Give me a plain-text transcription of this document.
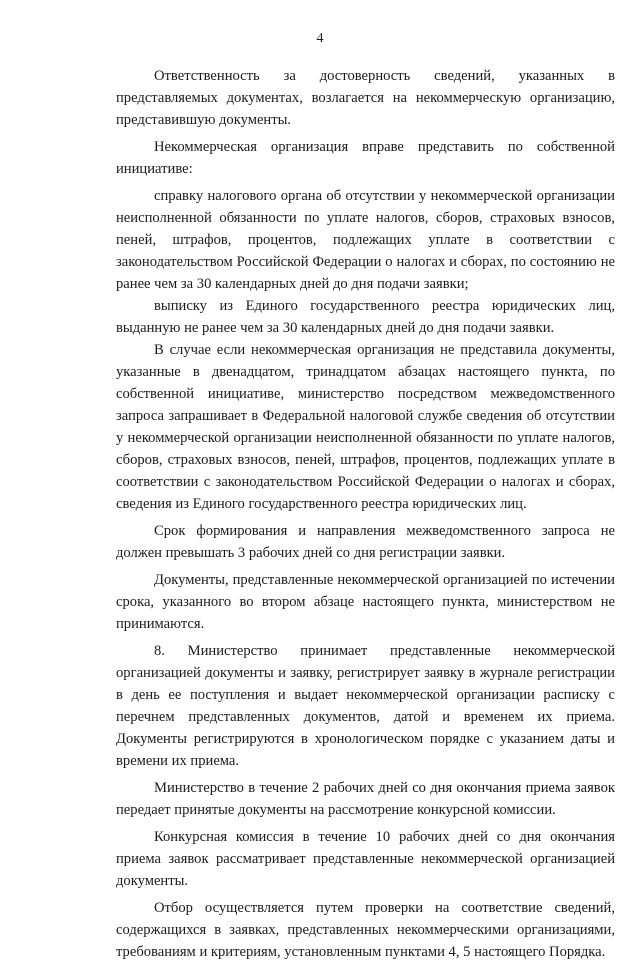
4

Ответственность за достоверность сведений, указанных в представляемых документах, возлагается на некоммерческую организацию, представившую документы.

Некоммерческая организация вправе представить по собственной инициативе:

справку налогового органа об отсутствии у некоммерческой организации неисполненной обязанности по уплате налогов, сборов, страховых взносов, пеней, штрафов, процентов, подлежащих уплате в соответствии с законодательством Российской Федерации о налогах и сборах, по состоянию не ранее чем за 30 календарных дней до дня подачи заявки;

выписку из Единого государственного реестра юридических лиц, выданную не ранее чем за 30 календарных дней до дня подачи заявки.

В случае если некоммерческая организация не представила документы, указанные в двенадцатом, тринадцатом абзацах настоящего пункта, по собственной инициативе, министерство посредством межведомственного запроса запрашивает в Федеральной налоговой службе сведения об отсутствии у некоммерческой организации неисполненной обязанности по уплате налогов, сборов, страховых взносов, пеней, штрафов, процентов, подлежащих уплате в соответствии с законодательством Российской Федерации о налогах и сборах, сведения из Единого государственного реестра юридических лиц.

Срок формирования и направления межведомственного запроса не должен превышать 3 рабочих дней со дня регистрации заявки.

Документы, представленные некоммерческой организацией по истечении срока, указанного во втором абзаце настоящего пункта, министерством не принимаются.

8. Министерство принимает представленные некоммерческой организацией документы и заявку, регистрирует заявку в журнале регистрации в день ее поступления и выдает некоммерческой организации расписку с перечнем представленных документов, датой и временем их приема. Документы регистрируются в хронологическом порядке с указанием даты и времени их приема.

Министерство в течение 2 рабочих дней со дня окончания приема заявок передает принятые документы на рассмотрение конкурсной комиссии.

Конкурсная комиссия в течение 10 рабочих дней со дня окончания приема заявок рассматривает представленные некоммерческой организацией документы.

Отбор осуществляется путем проверки на соответствие сведений, содержащихся в заявках, представленных некоммерческими организациями, требованиям и критериям, установленным пунктами 4, 5 настоящего Порядка.
